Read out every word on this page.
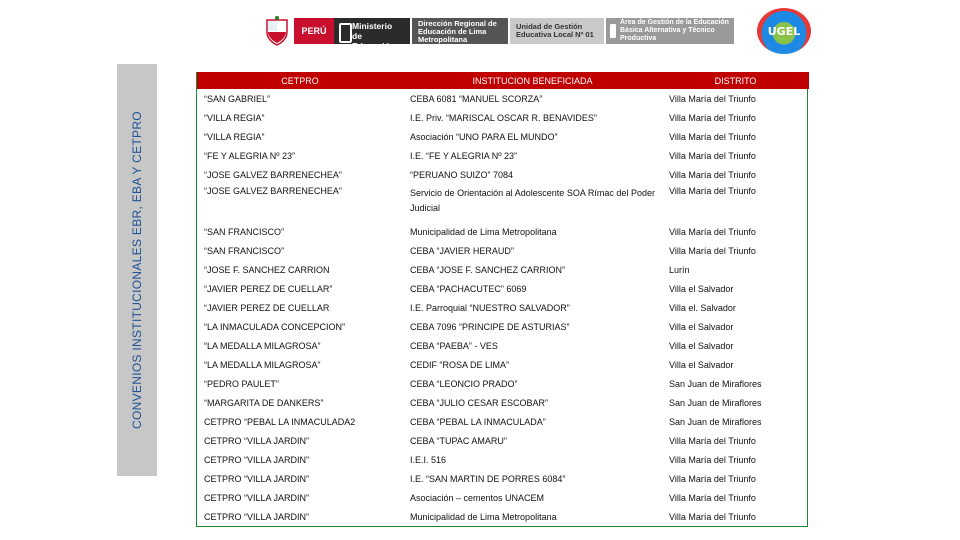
PERÚ	Ministerio de Educación
Dirección Regional de Educación de Lima Metropolitana
Unidad de Gestión Educativa Local Nº 01
Área de Gestión de la Educación Básica Alternativa y Técnico Productiva
UGEL
CONVENIOS INSTITUCIONALES EBR, EBA Y CETPRO
CETPRO	INSTITUCION BENEFICIADA	DISTRITO
“SAN GABRIEL”	CEBA 6081 “MANUEL SCORZA”	Villa María del Triunfo
“VILLA REGIA”	I.E. Priv. “MARISCAL OSCAR R. BENAVIDES”	Villa María del Triunfo
“VILLA REGIA”	Asociación “UNO PARA EL MUNDO”	Villa María del Triunfo
“FE Y ALEGRIA Nº 23”	I.E. “FE Y ALEGRIA Nº 23”	Villa María del Triunfo
“JOSE GALVEZ BARRENECHEA”	“PERUANO SUIZO” 7084	Villa María del Triunfo
“JOSE GALVEZ BARRENECHEA”	Servicio de Orientación al Adolescente SOA Rímac del Poder Judicial	Villa María del Triunfo
“SAN FRANCISCO”	Municipalidad de Lima Metropolitana	Villa María del Triunfo
“SAN FRANCISCO”	CEBA “JAVIER HERAUD”	Villa María del Triunfo
“JOSE F. SANCHEZ CARRION	CEBA “JOSE F. SANCHEZ CARRION”	Lurín
“JAVIER PEREZ DE CUELLAR”	CEBA “PACHACUTEC” 6069	Villa el Salvador
“JAVIER PEREZ DE CUELLAR	I.E. Parroquial “NUESTRO SALVADOR”	Villa el. Salvador
“LA INMACULADA CONCEPCION”	CEBA 7096 “PRINCIPE DE ASTURIAS”	Villa el Salvador
“LA MEDALLA MILAGROSA”	CEBA “PAEBA” - VES	Villa el Salvador
“LA MEDALLA MILAGROSA”	CEDIF “ROSA DE LIMA”	Villa el Salvador
“PEDRO PAULET”	CEBA “LEONCIO PRADO”	San Juan de Miraflores
“MARGARITA DE DANKERS”	CEBA “JULIO CESAR ESCOBAR”	San Juan de Miraflores
CETPRO “PEBAL LA INMACULADA2	CEBA “PEBAL LA INMACULADA”	San Juan de Miraflores
CETPRO “VILLA JARDIN”	CEBA “TUPAC AMARU”	Villa María del Triunfo
CETPRO “VILLA JARDIN”	I.E.I. 516	Villa María del Triunfo
CETPRO “VILLA JARDIN”	I.E. “SAN MARTIN DE PORRES 6084”	Villa María del Triunfo
CETPRO “VILLA JARDIN”	Asociación – cementos UNACEM	Villa María del Triunfo
CETPRO “VILLA JARDIN”	Municipalidad de Lima Metropolitana	Villa María del Triunfo
